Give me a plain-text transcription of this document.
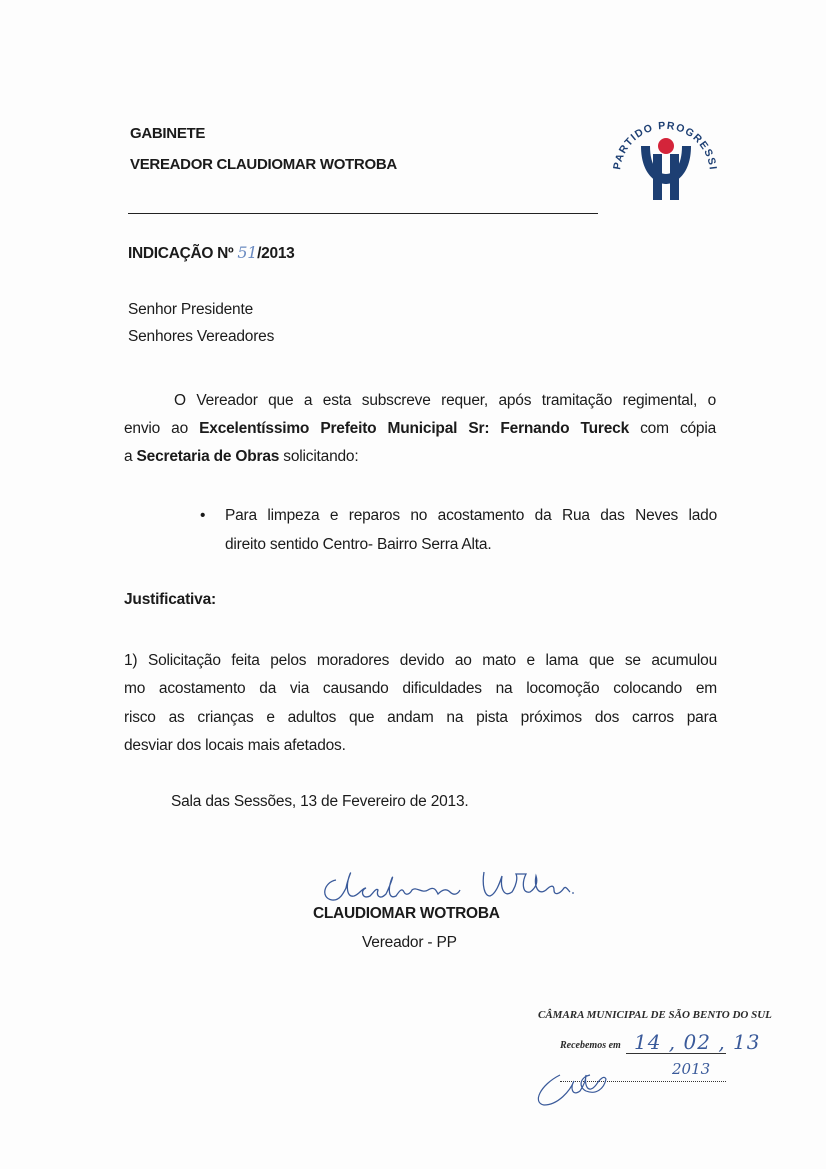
GABINETE
VEREADOR CLAUDIOMAR WOTROBA	PARTIDO PROGRESSI
INDICAÇÃO Nº 51/2013
Senhor Presidente
Senhores Vereadores
O Vereador que a esta subscreve requer, após tramitação regimental, o
envio ao Excelentíssimo Prefeito Municipal Sr: Fernando Tureck com cópia
a Secretaria de Obras solicitando:
• Para limpeza e reparos no acostamento da Rua das Neves lado
direito sentido Centro- Bairro Serra Alta.
Justificativa:
1) Solicitação feita pelos moradores devido ao mato e lama que se acumulou
mo acostamento da via causando dificuldades na locomoção colocando em
risco as crianças e adultos que andam na pista próximos dos carros para
desviar dos locais mais afetados.
Sala das Sessões, 13 de Fevereiro de 2013.
CLAUDIOMAR WOTROBA
Vereador - PP
CÂMARA MUNICIPAL DE SÃO BENTO DO SUL
Recebemos em 14 , 02 , 13
2013
